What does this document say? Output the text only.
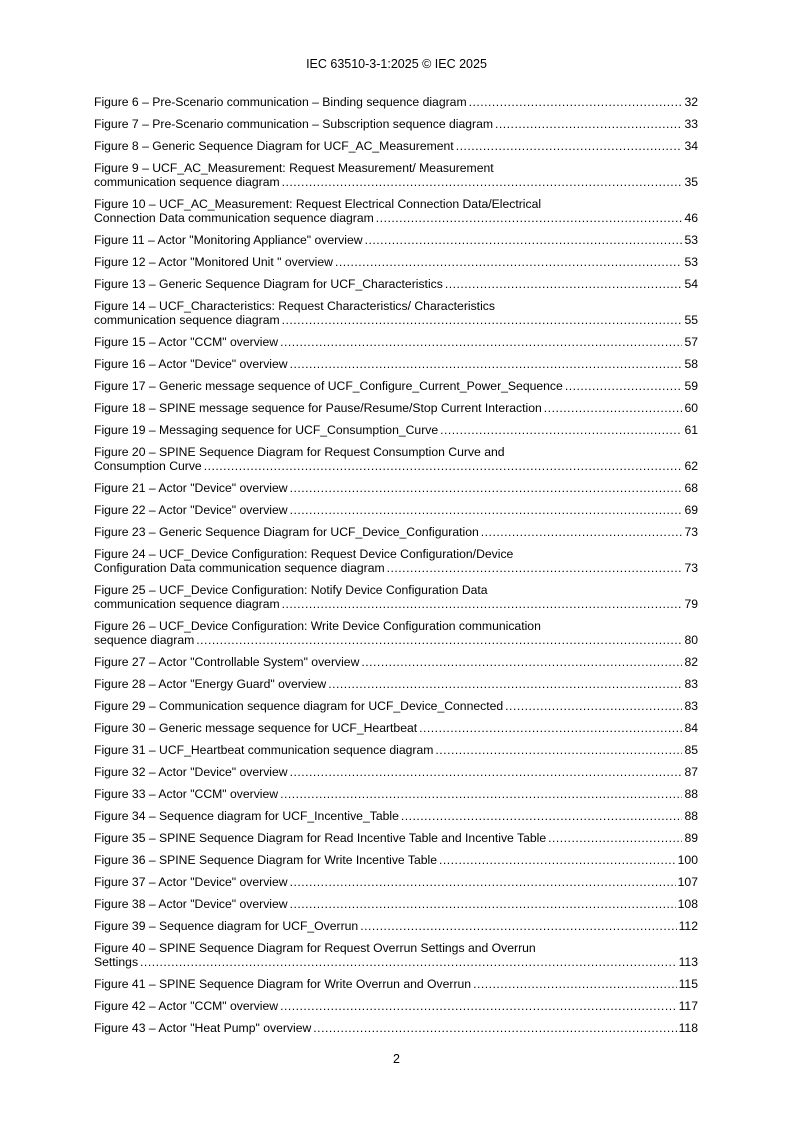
IEC 63510-3-1:2025 © IEC 2025
Figure 6 – Pre-Scenario communication – Binding sequence diagram .....	32
Figure 7 – Pre-Scenario communication – Subscription sequence diagram .....	33
Figure 8 – Generic Sequence Diagram for UCF_AC_Measurement .....	34
Figure 9 – UCF_AC_Measurement: Request Measurement/ Measurement
communication sequence diagram .....	35
Figure 10 – UCF_AC_Measurement: Request Electrical Connection Data/Electrical
Connection Data communication sequence diagram .....	46
Figure 11 – Actor "Monitoring Appliance" overview .....	53
Figure 12 – Actor "Monitored Unit " overview .....	53
Figure 13 – Generic Sequence Diagram for UCF_Characteristics .....	54
Figure 14 – UCF_Characteristics: Request Characteristics/ Characteristics
communication sequence diagram .....	55
Figure 15 – Actor "CCM" overview .....	57
Figure 16 – Actor "Device" overview .....	58
Figure 17 – Generic message sequence of UCF_Configure_Current_Power_Sequence .....	59
Figure 18 – SPINE message sequence for Pause/Resume/Stop Current Interaction .....	60
Figure 19 – Messaging sequence for UCF_Consumption_Curve .....	61
Figure 20 – SPINE Sequence Diagram for Request Consumption Curve and
Consumption Curve .....	62
Figure 21 – Actor "Device" overview .....	68
Figure 22 – Actor "Device" overview .....	69
Figure 23 – Generic Sequence Diagram for UCF_Device_Configuration .....	73
Figure 24 – UCF_Device Configuration: Request Device Configuration/Device
Configuration Data communication sequence diagram .....	73
Figure 25 – UCF_Device Configuration: Notify Device Configuration Data
communication sequence diagram .....	79
Figure 26 – UCF_Device Configuration: Write Device Configuration communication
sequence diagram .....	80
Figure 27 – Actor "Controllable System" overview .....	82
Figure 28 – Actor "Energy Guard" overview .....	83
Figure 29 – Communication sequence diagram for UCF_Device_Connected .....	83
Figure 30 – Generic message sequence for UCF_Heartbeat .....	84
Figure 31 – UCF_Heartbeat communication sequence diagram .....	85
Figure 32 – Actor "Device" overview .....	87
Figure 33 – Actor "CCM" overview .....	88
Figure 34 – Sequence diagram for UCF_Incentive_Table .....	88
Figure 35 – SPINE Sequence Diagram for Read Incentive Table and Incentive Table .....	89
Figure 36 – SPINE Sequence Diagram for Write Incentive Table .....	100
Figure 37 – Actor "Device" overview .....	107
Figure 38 – Actor "Device" overview .....	108
Figure 39 – Sequence diagram for UCF_Overrun .....	112
Figure 40 – SPINE Sequence Diagram for Request Overrun Settings and Overrun
Settings .....	113
Figure 41 – SPINE Sequence Diagram for Write Overrun and Overrun .....	115
Figure 42 – Actor "CCM" overview .....	117
Figure 43 – Actor "Heat Pump" overview .....	118
2
